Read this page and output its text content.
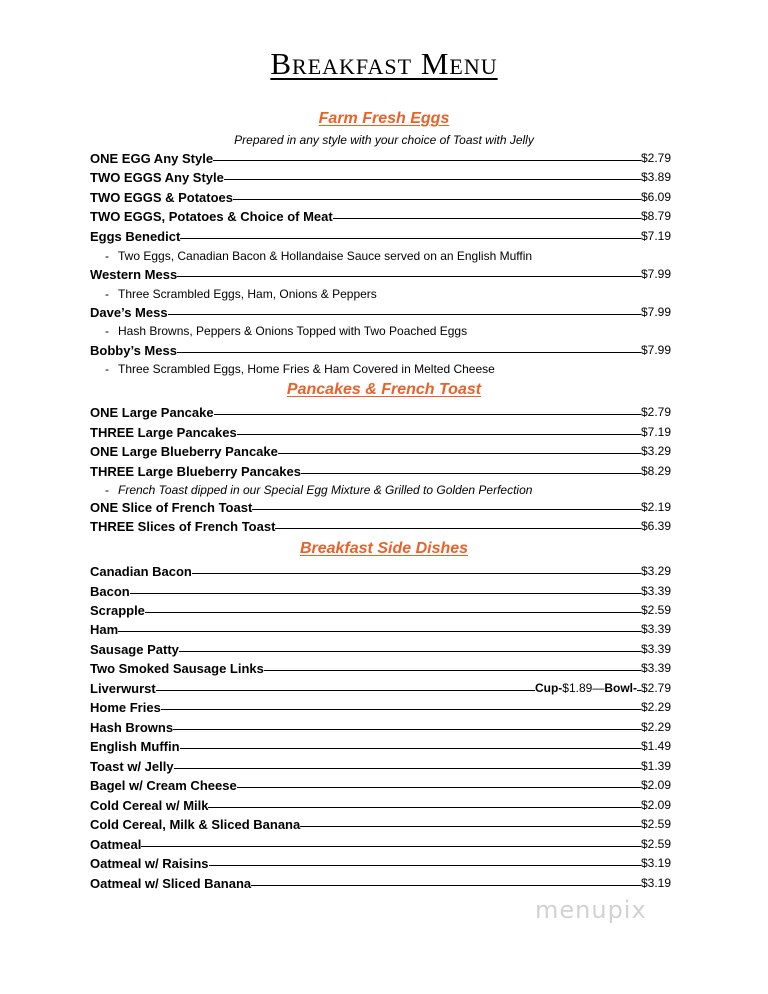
Breakfast Menu
Farm Fresh Eggs
Prepared in any style with your choice of Toast with Jelly
ONE EGG Any Style	$2.79
TWO EGGS Any Style	$3.89
TWO EGGS & Potatoes	$6.09
TWO EGGS, Potatoes & Choice of Meat	$8.79
Eggs Benedict	$7.19
- Two Eggs, Canadian Bacon & Hollandaise Sauce served on an English Muffin
Western Mess	$7.99
- Three Scrambled Eggs, Ham, Onions & Peppers
Dave’s Mess	$7.99
- Hash Browns, Peppers & Onions Topped with Two Poached Eggs
Bobby’s Mess	$7.99
- Three Scrambled Eggs, Home Fries & Ham Covered in Melted Cheese
Pancakes & French Toast
ONE Large Pancake	$2.79
THREE Large Pancakes	$7.19
ONE Large Blueberry Pancake	$3.29
THREE Large Blueberry Pancakes	$8.29
- French Toast dipped in our Special Egg Mixture & Grilled to Golden Perfection
ONE Slice of French Toast	$2.19
THREE Slices of French Toast	$6.39
Breakfast Side Dishes
Canadian Bacon	$3.29
Bacon	$3.39
Scrapple	$2.59
Ham	$3.39
Sausage Patty	$3.39
Two Smoked Sausage Links	$3.39
Liverwurst	Cup-$1.89—Bowl- $2.79
Home Fries	$2.29
Hash Browns	$2.29
English Muffin	$1.49
Toast w/ Jelly	$1.39
Bagel w/ Cream Cheese	$2.09
Cold Cereal w/ Milk	$2.09
Cold Cereal, Milk & Sliced Banana	$2.59
Oatmeal	$2.59
Oatmeal w/ Raisins	$3.19
Oatmeal w/ Sliced Banana	$3.19
menupix
